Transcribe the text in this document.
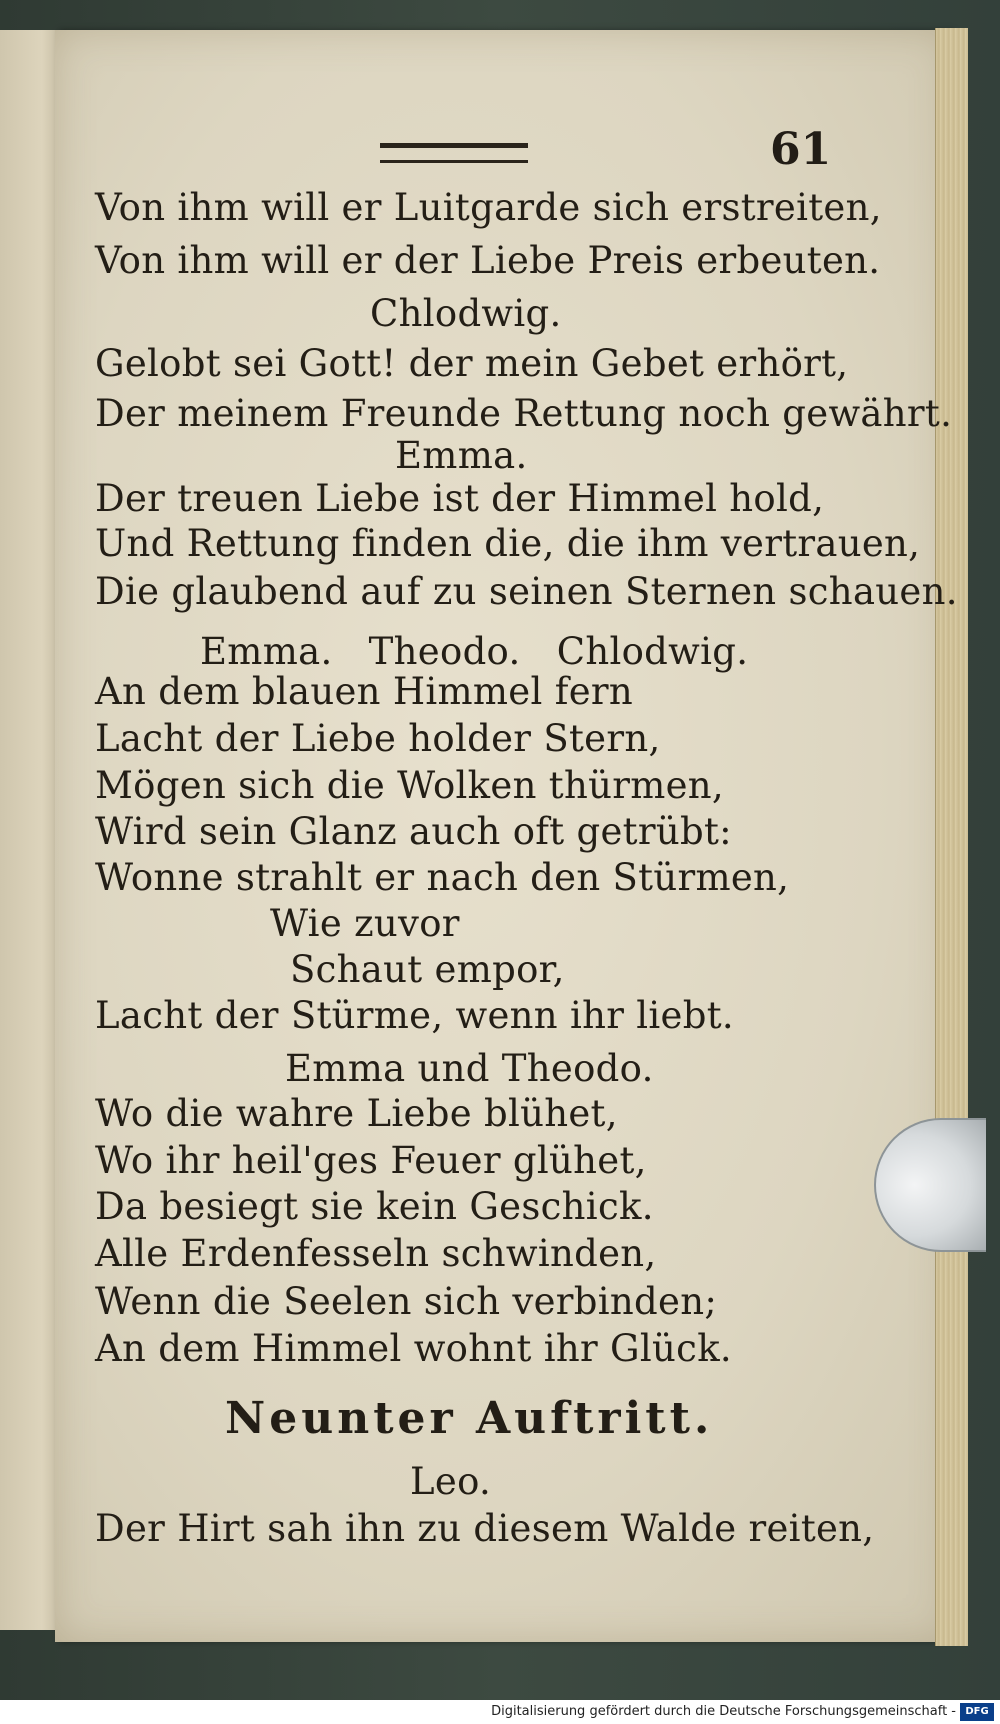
61
Von ihm will er Luitgarde sich erstreiten,
Von ihm will er der Liebe Preis erbeuten.
Chlodwig.
Gelobt sei Gott! der mein Gebet erhört,
Der meinem Freunde Rettung noch gewährt.
Emma.
Der treuen Liebe ist der Himmel hold,
Und Rettung finden die, die ihm vertrauen,
Die glaubend auf zu seinen Sternen schauen.
Emma.   Theodo.   Chlodwig.
An dem blauen Himmel fern
Lacht der Liebe holder Stern,
Mögen sich die Wolken thürmen,
Wird sein Glanz auch oft getrübt:
Wonne strahlt er nach den Stürmen,
Wie zuvor
Schaut empor,
Lacht der Stürme, wenn ihr liebt.
Emma und Theodo.
Wo die wahre Liebe blühet,
Wo ihr heil'ges Feuer glühet,
Da besiegt sie kein Geschick.
Alle Erdenfesseln schwinden,
Wenn die Seelen sich verbinden;
An dem Himmel wohnt ihr Glück.
Neunter Auftritt.
Leo.
Der Hirt sah ihn zu diesem Walde reiten,
Digitalisierung gefördert durch die Deutsche Forschungsgemeinschaft - DFG
